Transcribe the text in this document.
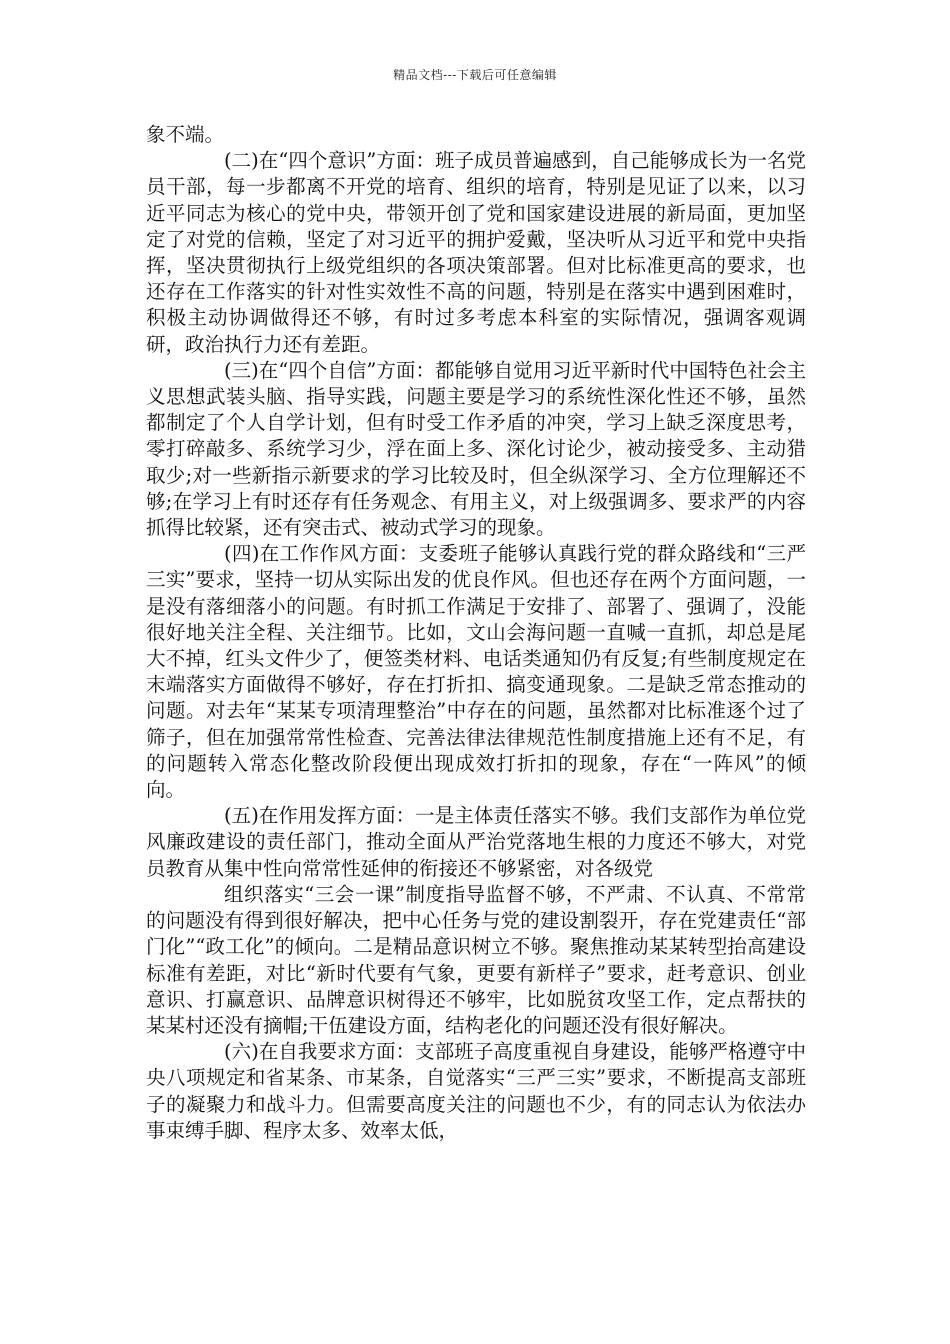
精品文档---下载后可任意编辑

象不端。

(二)在“四个意识”方面：班子成员普遍感到，自己能够成长为一名党员干部，每一步都离不开党的培育、组织的培育，特别是见证了以来，以习近平同志为核心的党中央，带领开创了党和国家建设进展的新局面，更加坚定了对党的信赖，坚定了对习近平的拥护爱戴，坚决听从习近平和党中央指挥，坚决贯彻执行上级党组织的各项决策部署。但对比标准更高的要求，也还存在工作落实的针对性实效性不高的问题，特别是在落实中遇到困难时，积极主动协调做得还不够，有时过多考虑本科室的实际情况，强调客观调研，政治执行力还有差距。

(三)在“四个自信”方面：都能够自觉用习近平新时代中国特色社会主义思想武装头脑、指导实践，问题主要是学习的系统性深化性还不够，虽然都制定了个人自学计划，但有时受工作矛盾的冲突，学习上缺乏深度思考，零打碎敲多、系统学习少，浮在面上多、深化讨论少，被动接受多、主动猎取少;对一些新指示新要求的学习比较及时，但全纵深学习、全方位理解还不够;在学习上有时还存有任务观念、有用主义，对上级强调多、要求严的内容抓得比较紧，还有突击式、被动式学习的现象。

(四)在工作作风方面：支委班子能够认真践行党的群众路线和“三严三实”要求，坚持一切从实际出发的优良作风。但也还存在两个方面问题，一是没有落细落小的问题。有时抓工作满足于安排了、部署了、强调了，没能很好地关注全程、关注细节。比如，文山会海问题一直喊一直抓，却总是尾大不掉，红头文件少了，便签类材料、电话类通知仍有反复;有些制度规定在末端落实方面做得不够好，存在打折扣、搞变通现象。二是缺乏常态推动的问题。对去年“某某专项清理整治”中存在的问题，虽然都对比标准逐个过了筛子，但在加强常常性检查、完善法律法律规范性制度措施上还有不足，有的问题转入常态化整改阶段便出现成效打折扣的现象，存在“一阵风”的倾向。

(五)在作用发挥方面：一是主体责任落实不够。我们支部作为单位党风廉政建设的责任部门，推动全面从严治党落地生根的力度还不够大，对党员教育从集中性向常常性延伸的衔接还不够紧密，对各级党

组织落实“三会一课”制度指导监督不够，不严肃、不认真、不常常的问题没有得到很好解决，把中心任务与党的建设割裂开，存在党建责任“部门化”“政工化”的倾向。二是精品意识树立不够。聚焦推动某某转型抬高建设标准有差距，对比“新时代要有气象，更要有新样子”要求，赶考意识、创业意识、打赢意识、品牌意识树得还不够牢，比如脱贫攻坚工作，定点帮扶的某某村还没有摘帽;干伍建设方面，结构老化的问题还没有很好解决。

(六)在自我要求方面：支部班子高度重视自身建设，能够严格遵守中央八项规定和省某条、市某条，自觉落实“三严三实”要求，不断提高支部班子的凝聚力和战斗力。但需要高度关注的问题也不少，有的同志认为依法办事束缚手脚、程序太多、效率太低，
